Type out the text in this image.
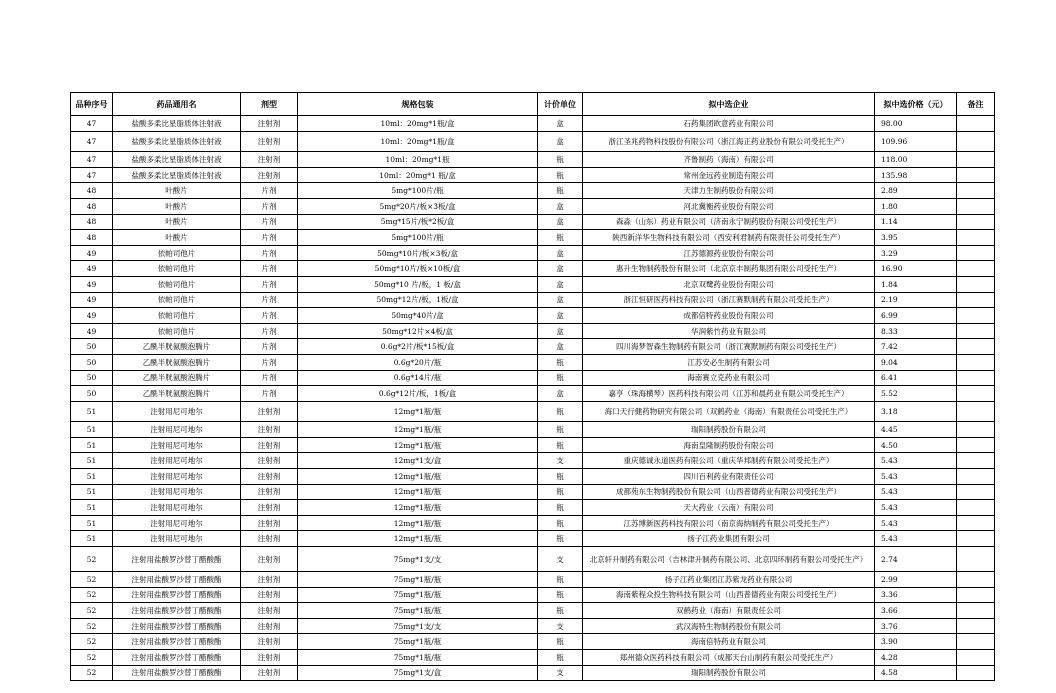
品种序号	药品通用名	剂型	规格包装	计价单位	拟中选企业	拟中选价格（元）	备注
47	盐酸多柔比星脂质体注射液	注射剂	10ml：20mg*1瓶/盒	盒	石药集团欧意药业有限公司	98.00	
47	盐酸多柔比星脂质体注射液	注射剂	10ml：20mg*1瓶/盒	盒	浙江圣兆药物科技股份有限公司（浙江海正药业股份有限公司受托生产）	109.96	
47	盐酸多柔比星脂质体注射液	注射剂	10ml：20mg*1瓶	瓶	齐鲁制药（海南）有限公司	118.00	
47	盐酸多柔比星脂质体注射液	注射剂	10ml：20mg*1 瓶/盒	瓶	常州金远药业制造有限公司	135.98	
48	叶酸片	片剂	5mg*100片/瓶	瓶	天津力生制药股份有限公司	2.89	
48	叶酸片	片剂	5mg*20片/板×3板/盒	盒	河北冀衡药业股份有限公司	1.80	
48	叶酸片	片剂	5mg*15片/板*2板/盒	盒	森淼（山东）药业有限公司（济南永宁制药股份有限公司受托生产）	1.14	
48	叶酸片	片剂	5mg*100片/瓶	瓶	陕西新洋华生物科技有限公司（西安利君制药有限责任公司受托生产）	3.95	
49	依帕司他片	片剂	50mg*10片/板×3板/盒	盒	江苏德源药业股份有限公司	3.29	
49	依帕司他片	片剂	50mg*10片/板×10板/盒	盒	惠升生物制药股份有限公司（北京京丰制药集团有限公司受托生产）	16.90	
49	依帕司他片	片剂	50mg*10 片/板，1 板/盒	盒	北京双鹭药业股份有限公司	1.84	
49	依帕司他片	片剂	50mg*12片/板，1板/盒	盒	浙江恒研医药科技有限公司（浙江赛默制药有限公司受托生产）	2.19	
49	依帕司他片	片剂	50mg*40片/盒	盒	成都倍特药业股份有限公司	6.99	
49	依帕司他片	片剂	50mg*12片×4板/盒	盒	华润紫竹药业有限公司	8.33	
50	乙酰半胱氨酸泡腾片	片剂	0.6g*2片/板*15板/盒	盒	四川海梦智森生物制药有限公司（浙江赛默制药有限公司受托生产）	7.42	
50	乙酰半胱氨酸泡腾片	片剂	0.6g*20片/瓶	瓶	江苏安必生制药有限公司	9.04	
50	乙酰半胱氨酸泡腾片	片剂	0.6g*14片/瓶	瓶	海南赛立克药业有限公司	6.41	
50	乙酰半胱氨酸泡腾片	片剂	0.6g*12片/板，1板/盒	盒	嘉亨（珠海横琴）医药科技有限公司（江苏和晨药业有限公司受托生产）	5.52	
51	注射用尼可地尔	注射剂	12mg*1瓶/瓶	瓶	海口天行健药物研究有限公司（双鹤药业（海南）有限责任公司受托生产）	3.18	
51	注射用尼可地尔	注射剂	12mg*1瓶/瓶	瓶	瑞阳制药股份有限公司	4.45	
51	注射用尼可地尔	注射剂	12mg*1瓶/瓶	瓶	海南皇隆制药股份有限公司	4.50	
51	注射用尼可地尔	注射剂	12mg*1支/盒	支	重庆德诚永道医药有限公司（重庆华邦制药有限公司受托生产）	5.43	
51	注射用尼可地尔	注射剂	12mg*1瓶/瓶	瓶	四川百利药业有限责任公司	5.43	
51	注射用尼可地尔	注射剂	12mg*1瓶/瓶	瓶	成都苑东生物制药股份有限公司（山西普德药业有限公司受托生产）	5.43	
51	注射用尼可地尔	注射剂	12mg*1瓶/瓶	瓶	天大药业（云南）有限公司	5.43	
51	注射用尼可地尔	注射剂	12mg*1瓶/瓶	瓶	江苏博新医药科技有限公司（南京海纳制药有限公司受托生产）	5.43	
51	注射用尼可地尔	注射剂	12mg*1瓶/瓶	瓶	扬子江药业集团有限公司	5.43	
52	注射用盐酸罗沙替丁醋酸酯	注射剂	75mg*1支/支	支	北京轩升制药有限公司（吉林津升制药有限公司、北京四环制药有限公司受托生产）	2.74	
52	注射用盐酸罗沙替丁醋酸酯	注射剂	75mg*1瓶/瓶	瓶	扬子江药业集团江苏紫龙药业有限公司	2.99	
52	注射用盐酸罗沙替丁醋酸酯	注射剂	75mg*1瓶/瓶	瓶	海南紫程众投生物科技有限公司（山西普德药业有限公司受托生产）	3.36	
52	注射用盐酸罗沙替丁醋酸酯	注射剂	75mg*1瓶/瓶	瓶	双鹤药业（海南）有限责任公司	3.66	
52	注射用盐酸罗沙替丁醋酸酯	注射剂	75mg*1支/支	支	武汉海特生物制药股份有限公司	3.76	
52	注射用盐酸罗沙替丁醋酸酯	注射剂	75mg*1瓶/瓶	瓶	海南倍特药业有限公司	3.90	
52	注射用盐酸罗沙替丁醋酸酯	注射剂	75mg*1瓶/瓶	瓶	郑州德众医药科技有限公司（成都天台山制药有限公司受托生产）	4.28	
52	注射用盐酸罗沙替丁醋酸酯	注射剂	75mg*1支/盒	支	瑞阳制药股份有限公司	4.58	
